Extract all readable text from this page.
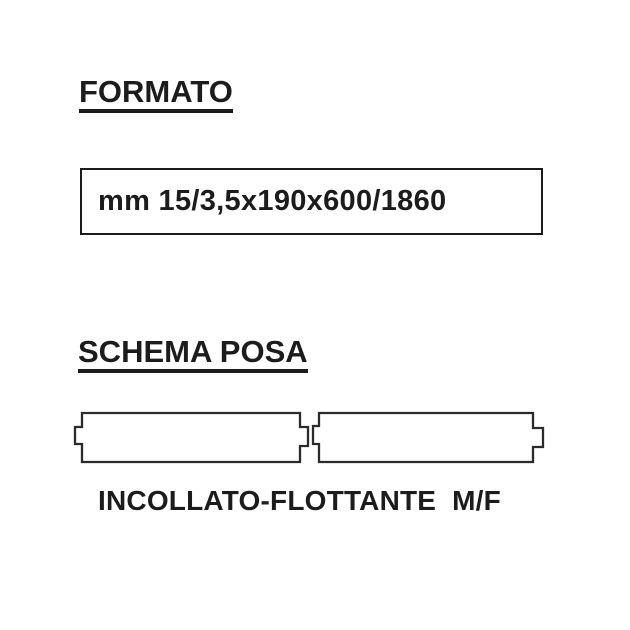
FORMATO
mm 15/3,5x190x600/1860
SCHEMA POSA

INCOLLATO-FLOTTANTE  M/F
